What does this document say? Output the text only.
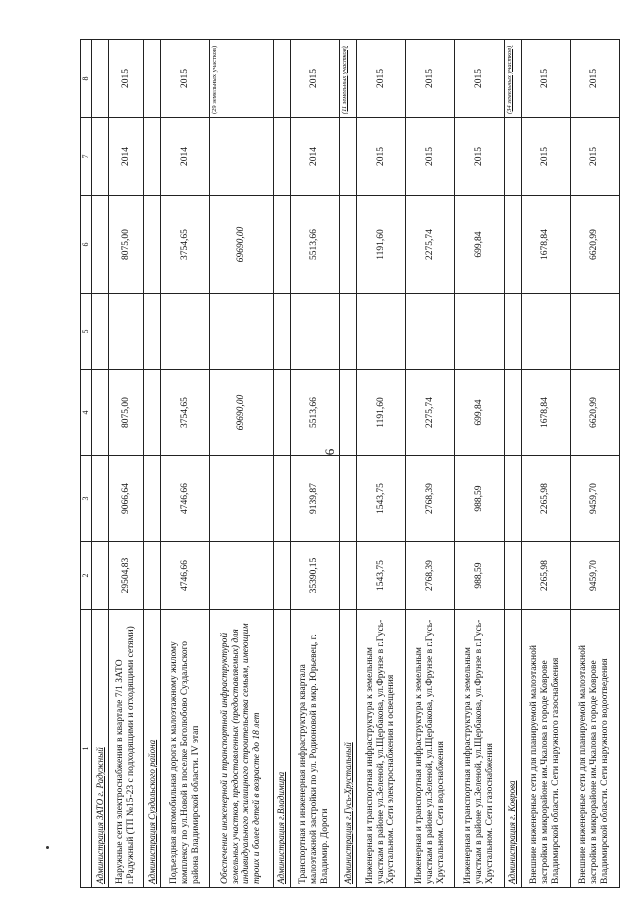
6
1	2	3	4	5	6	7	8
Администрация ЗАТО г. Радужный							
Наружные сети электроснабжения в квартале 7/1 ЗАТО г.Радужный (ТП №15-23 с подходящими и отходящими сетями)	29504,83	9066,64	8075,00		8075,00	2014	2015
Администрация Суздальского района							
Подъездная автомобильная дорога к малоэтажному жилому комплексу по ул.Новой в поселке Боголюбово Суздальского района Владимирской области. IV этап	4746,66	4746,66	3754,65		3754,65	2014	2015
Обеспечение инженерной и транспортной инфраструктурой земельных участков, предоставленных (предоставляемых) для индивидуального жилищного строительства семьям, имеющим троих и более детей в возрасте до 18 лет			69690,00		69690,00		(29 земельных участков)

Администрация г.Владимира							
Транспортная и инженерная инфраструктура квартала малоэтажной застройки по ул. Родионовой в мкр. Юрьевец, г. Владимир. Дороги	35390,15	9139,87	5513,66		5513,66	2014	2015
Администрация г.Гусь-Хрустальный							(11 земельных участков)

Инженерная и транспортная инфраструктура к земельным участкам в районе ул.Зеленой, ул.Щербакова, ул.Фрунзе в г.Гусь-Хрустальном. Сети электроснабжения и освещения	1543,75	1543,75	1191,60		1191,60	2015	2015
Инженерная и транспортная инфраструктура к земельным участкам в районе ул.Зеленой, ул.Щербакова, ул.Фрунзе в г.Гусь-Хрустальном. Сети водоснабжения	2768,39	2768,39	2275,74		2275,74	2015	2015
Инженерная и транспортная инфраструктура к земельным участкам в районе ул.Зеленой, ул.Щербакова, ул.Фрунзе в г.Гусь-Хрустальном. Сети газоснабжения	988,59	988,59	699,84		699,84	2015	2015
Администрация г. Коврова							(34 земельных участков)

Внешние инженерные сети для планируемой малоэтажной застройки в микрорайоне им.Чкалова в городе Коврове Владимирской области. Сети наружного газоснабжения	2265,98	2265,98	1678,84		1678,84	2015	2015
Внешние инженерные сети для планируемой малоэтажной застройки в микрорайоне им.Чкалова в городе Коврове Владимирской области. Сети наружного водоотведения	9459,70	9459,70	6620,99		6620,99	2015	2015
